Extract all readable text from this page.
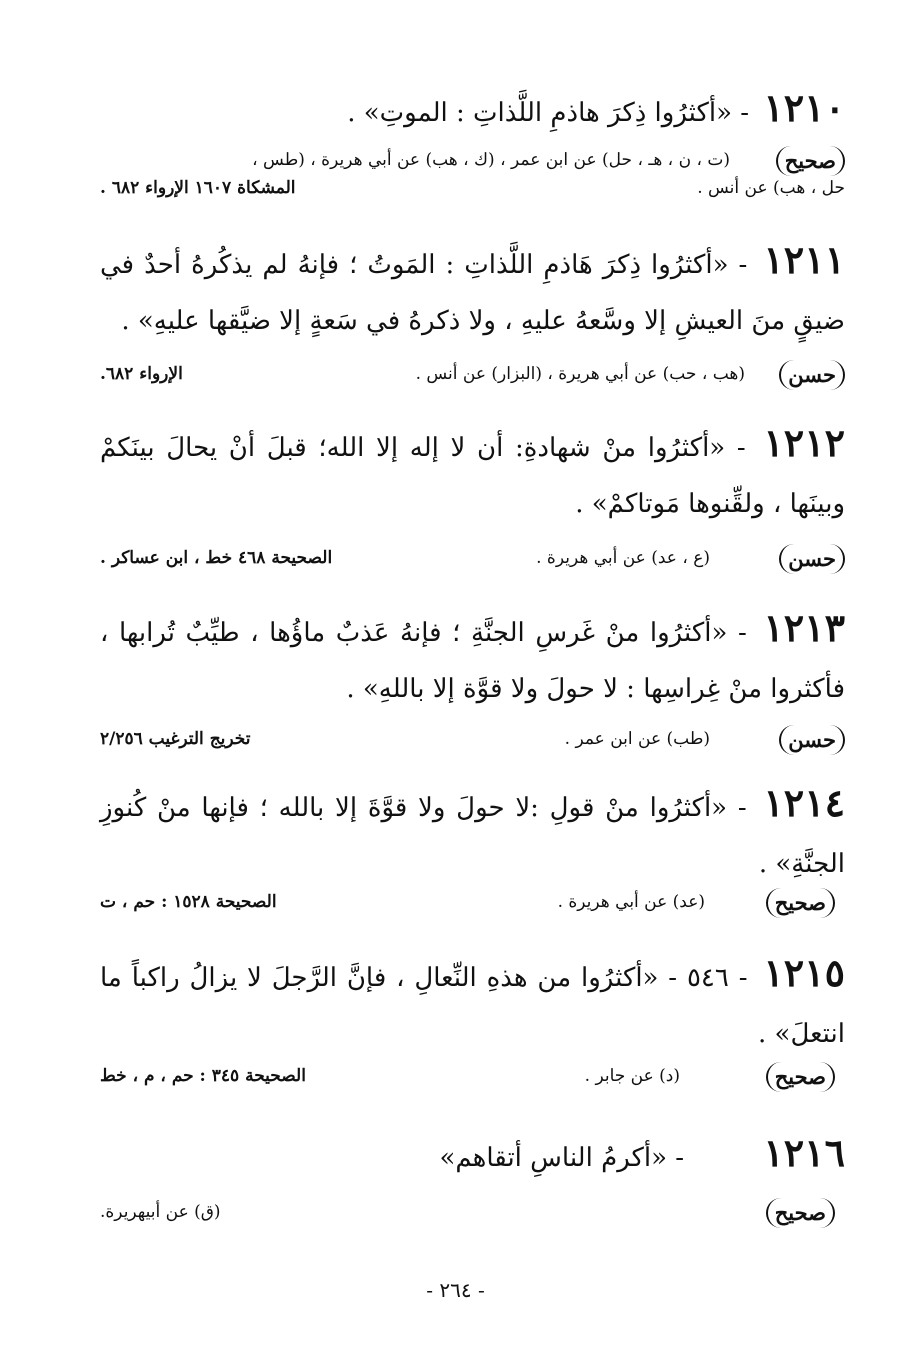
١٢١٠ - «أكثرُوا ذِكرَ هاذمِ اللَّذاتِ : الموتِ» .
صحيح
(ت ، ن ، هـ ، حل) عن ابن عمر ، (ك ، هب) عن أبي هريرة ، (طس ،
حل ، هب) عن أنس .
المشكاة ١٦٠٧ الإرواء ٦٨٢ .
١٢١١ - «أكثرُوا ذِكرَ هَاذمِ اللَّذاتِ : المَوتُ ؛ فإنهُ لم يذكُرهُ أحدٌ في ضيقٍ منَ العيشِ إلا وسَّعهُ عليهِ ، ولا ذكرهُ في سَعةٍ إلا ضيَّقها عليهِ» .
حسن
(هب ، حب) عن أبي هريرة ، (البزار) عن أنس .
الإرواء ٦٨٢.
١٢١٢ - «أكثرُوا منْ شهادةِ: أن لا إله إلا الله؛ قبلَ أنْ يحالَ بينَكمْ وبينَها ، ولقِّنوها مَوتاكمْ» .
حسن
(ع ، عد) عن أبي هريرة .
الصحيحة ٤٦٨ خط ، ابن عساكر .
١٢١٣ - «أكثرُوا منْ غَرسِ الجنَّةِ ؛ فإنهُ عَذبٌ ماؤُها ، طيِّبٌ تُرابها ، فأكثروا منْ غِراسِها : لا حولَ ولا قوَّة إلا باللهِ» .
حسن
(طب) عن ابن عمر .
تخريج الترغيب ٢/٢٥٦
١٢١٤ - «أكثرُوا منْ قولِ :لا حولَ ولا قوَّةَ إلا بالله ؛ فإنها منْ كُنوزِ الجنَّةِ» .
صحيح
(عد) عن أبي هريرة .
الصحيحة ١٥٢٨ : حم ، ت
١٢١٥ - ٥٤٦ - «أكثرُوا من هذهِ النِّعالِ ، فإنَّ الرَّجلَ لا يزالُ راكباً ما انتعلَ» .
صحيح
(د) عن جابر .
الصحيحة ٣٤٥ : حم ، م ، خط
١٢١٦ - «أكرمُ الناسِ أتقاهم»
صحيح
(ق) عن أبيهريرة.
- ٢٦٤ -
